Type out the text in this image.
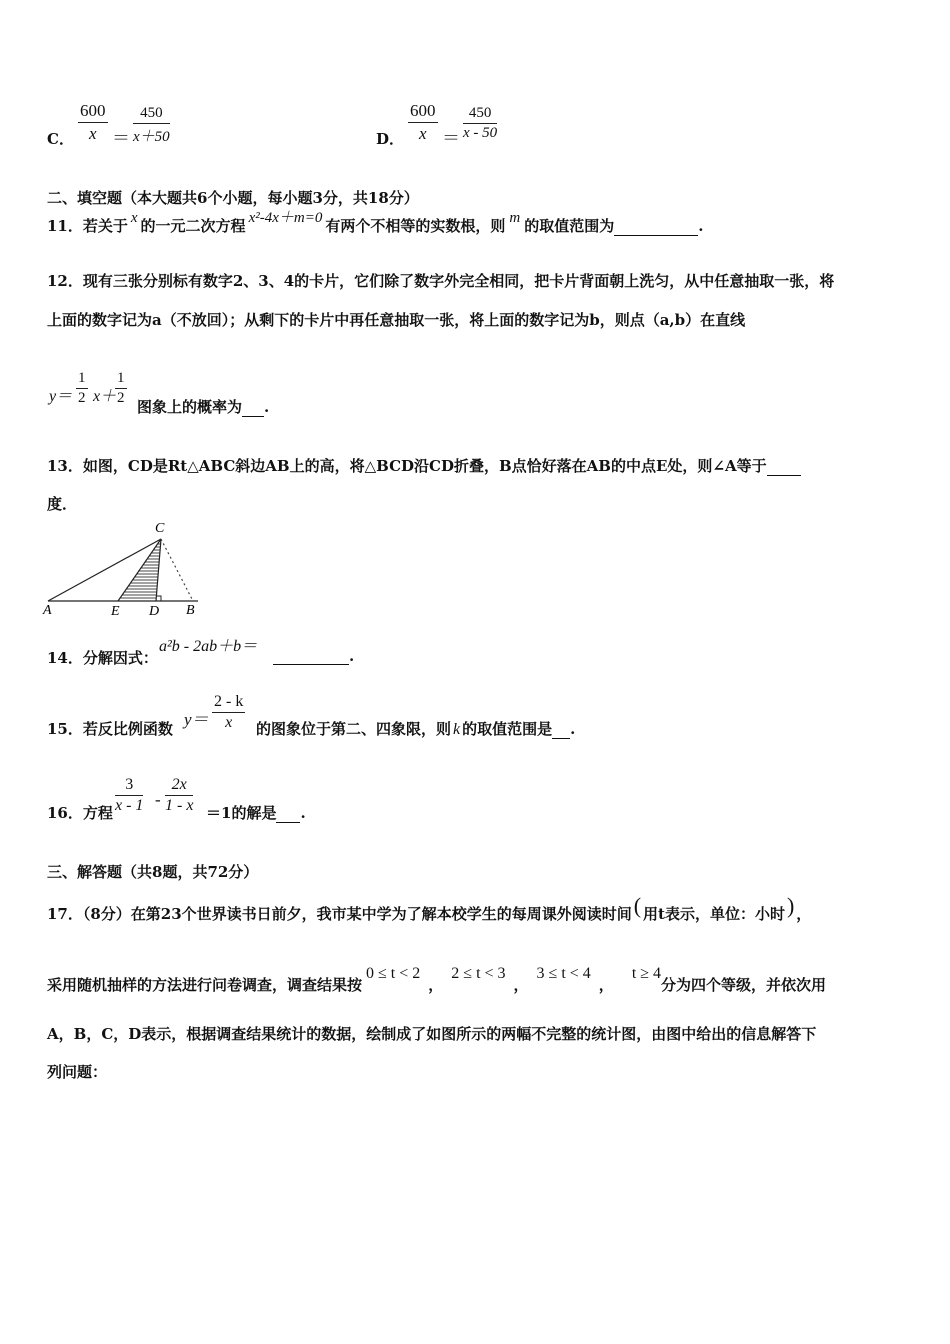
C． $\frac{600}{x} = \frac{450}{x+50}$	D． $\frac{600}{x} = \frac{450}{x - 50}$
二、填空题（本大题共6个小题，每小题3分，共18分）
11．若关于 x 的一元二次方程 x²-4x＋m=0 有两个不相等的实数根，则 m 的取值范围为	.
12．现有三张分别标有数字2、3、4的卡片，它们除了数字外完全相同，把卡片背面朝上洗匀，从中任意抽取一张，将
上面的数字记为a（不放回）；从剩下的卡片中再任意抽取一张，将上面的数字记为b，则点（a,b）在直线
$y= \frac{1}{2} x+$
$\frac{1}{2}$ 图象上的概率为 .
13．如图，CD是Rt△ABC斜边AB上的高，将△BCD沿CD折叠，B点恰好落在AB的中点E处，则∠A等于
度．
C
A	E D B
14．分解因式：
a²b - 2ab＋b＝
.
15．若反比例函数 $y= \frac{2 - k}{x}$ 的图象位于第二、四象限，则 k 的取值范围是 .
16．方程 $\frac{3}{x - 1} - \frac{2x}{1 - x} =1$的解是 .
三、解答题（共8题，共72分）
17．（8分）在第23个世界读书日前夕，我市某中学为了解本校学生的每周课外阅读时间( 用t表示，单位：小时) ，
采用随机抽样的方法进行问卷调查，调查结果按0 ≤ t < 2，2 ≤ t < 3，3 ≤ t < 4，t ≥ 4分为四个等级，并依次用
A，B，C，D表示，根据调查结果统计的数据，绘制成了如图所示的两幅不完整的统计图，由图中给出的信息解答下
列问题：
